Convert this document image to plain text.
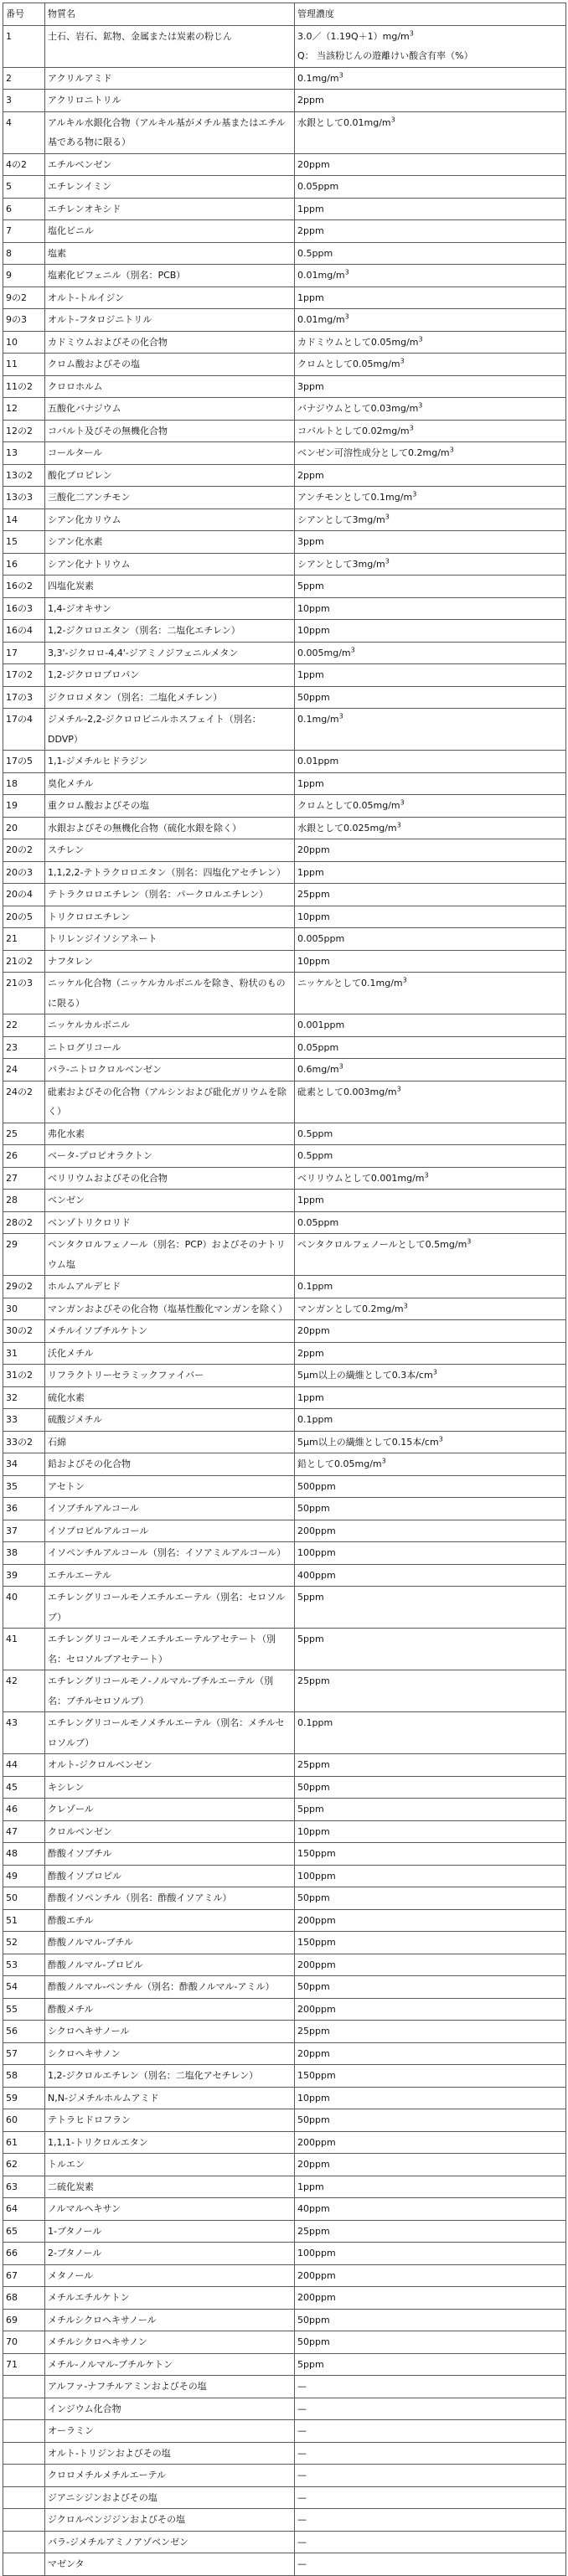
番号	物質名	管理濃度
1	土石、岩石、鉱物、金属または炭素の粉じん	$3.0/(1.19Q+1)mg/m^3$
Q： 当該粉じんの遊離けい酸含有率（%）
2	アクリルアミド	$0.1mg/m^3$
3	アクリロニトリル	2ppm
4	アルキル水銀化合物（アルキル基がメチル基またはエチル基である物に限る）	水銀として$0.01mg/m^3$
4の2	エチルベンゼン	20ppm
5	エチレンイミン	0.05ppm
6	エチレンオキシド	1ppm
7	塩化ビニル	2ppm
8	塩素	0.5ppm
9	塩素化ビフェニル（別名：PCB）	$0.01mg/m^3$
9の2	オルト-トルイジン	1ppm
9の3	オルト-フタロジニトリル	$0.01mg/m^3$
10	カドミウムおよびその化合物	カドミウムとして$0.05mg/m^3$
11	クロム酸およびその塩	クロムとして$0.05mg/m^3$
11の2	クロロホルム	3ppm
12	五酸化バナジウム	バナジウムとして$0.03mg/m^3$
12の2	コバルト及びその無機化合物	コバルトとして$0.02mg/m^3$
13	コールタール	ベンゼン可溶性成分として$0.2mg/m^3$
13の2	酸化プロピレン	2ppm
13の3	三酸化二アンチモン	アンチモンとして$0.1mg/m^3$
14	シアン化カリウム	シアンとして$3mg/m^3$
15	シアン化水素	3ppm
16	シアン化ナトリウム	シアンとして$3mg/m^3$
16の2	四塩化炭素	5ppm
16の3	1,4-ジオキサン	10ppm
16の4	1,2-ジクロロエタン（別名：二塩化エチレン）	10ppm
17	3,3'-ジクロロ-4,4'-ジアミノジフェニルメタン	$0.005mg/m^3$
17の2	1,2-ジクロロプロパン	1ppm
17の3	ジクロロメタン（別名：二塩化メチレン）	50ppm
17の4	ジメチル-2,2-ジクロロビニルホスフェイト（別名：DDVP）	$0.1mg/m^3$
17の5	1,1-ジメチルヒドラジン	0.01ppm
18	臭化メチル	1ppm
19	重クロム酸およびその塩	クロムとして$0.05mg/m^3$
20	水銀およびその無機化合物（硫化水銀を除く）	水銀として$0.025mg/m^3$
20の2	スチレン	20ppm
20の3	1,1,2,2-テトラクロロエタン（別名：四塩化アセチレン）	1ppm
20の4	テトラクロロエチレン（別名：パークロルエチレン）	25ppm
20の5	トリクロロエチレン	10ppm
21	トリレンジイソシアネート	0.005ppm
21の2	ナフタレン	10ppm
21の3	ニッケル化合物（ニッケルカルボニルを除き、粉状のものに限る）	ニッケルとして$0.1mg/m^3$
22	ニッケルカルボニル	0.001ppm
23	ニトログリコール	0.05ppm
24	パラ-ニトロクロルベンゼン	$0.6mg/m^3$
24の2	砒素およびその化合物（アルシンおよび砒化ガリウムを除く）	砒素として$0.003mg/m^3$
25	弗化水素	0.5ppm
26	ベータ-プロピオラクトン	0.5ppm
27	ベリリウムおよびその化合物	ベリリウムとして$0.001mg/m^3$
28	ベンゼン	1ppm
28の2	ベンゾトリクロリド	0.05ppm
29	ペンタクロルフェノール（別名：PCP）およびそのナトリウム塩	ペンタクロルフェノールとして$0.5mg/m^3$
29の2	ホルムアルデヒド	0.1ppm
30	マンガンおよびその化合物（塩基性酸化マンガンを除く）	マンガンとして$0.2mg/m^3$
30の2	メチルイソブチルケトン	20ppm
31	沃化メチル	2ppm
31の2	リフラクトリーセラミックファイバー	5μm以上の繊維として0.3本$/cm^3$
32	硫化水素	1ppm
33	硫酸ジメチル	0.1ppm
33の2	石綿	5μm以上の繊維として0.15本$/cm^3$
34	鉛およびその化合物	鉛として$0.05mg/m^3$
35	アセトン	500ppm
36	イソブチルアルコール	50ppm
37	イソプロピルアルコール	200ppm
38	イソペンチルアルコール（別名：イソアミルアルコール）	100ppm
39	エチルエーテル	400ppm
40	エチレングリコールモノエチルエーテル（別名：セロソルブ）	5ppm
41	エチレングリコールモノエチルエーテルアセテート（別名：セロソルブアセテート）	5ppm
42	エチレングリコールモノ-ノルマル-ブチルエーテル（別名：ブチルセロソルブ）	25ppm
43	エチレングリコールモノメチルエーテル（別名：メチルセロソルブ）	0.1ppm
44	オルト-ジクロルベンゼン	25ppm
45	キシレン	50ppm
46	クレゾール	5ppm
47	クロルベンゼン	10ppm
48	酢酸イソブチル	150ppm
49	酢酸イソプロピル	100ppm
50	酢酸イソペンチル（別名：酢酸イソアミル）	50ppm
51	酢酸エチル	200ppm
52	酢酸ノルマル-ブチル	150ppm
53	酢酸ノルマル-プロピル	200ppm
54	酢酸ノルマル-ペンチル（別名：酢酸ノルマル-アミル）	50ppm
55	酢酸メチル	200ppm
56	シクロヘキサノール	25ppm
57	シクロヘキサノン	20ppm
58	1,2-ジクロルエチレン（別名：二塩化アセチレン）	150ppm
59	N,N-ジメチルホルムアミド	10ppm
60	テトラヒドロフラン	50ppm
61	1,1,1-トリクロルエタン	200ppm
62	トルエン	20ppm
63	二硫化炭素	1ppm
64	ノルマルヘキサン	40ppm
65	1-ブタノール	25ppm
66	2-ブタノール	100ppm
67	メタノール	200ppm
68	メチルエチルケトン	200ppm
69	メチルシクロヘキサノール	50ppm
70	メチルシクロヘキサノン	50ppm
71	メチル-ノルマル-ブチルケトン	5ppm
	アルファ-ナフチルアミンおよびその塩	—
	インジウム化合物	—
	オーラミン	—
	オルト-トリジンおよびその塩	—
	クロロメチルメチルエーテル	—
	ジアニシジンおよびその塩	—
	ジクロルベンジジンおよびその塩	—
	パラ-ジメチルアミノアゾベンゼン	—
	マゼンタ	—
